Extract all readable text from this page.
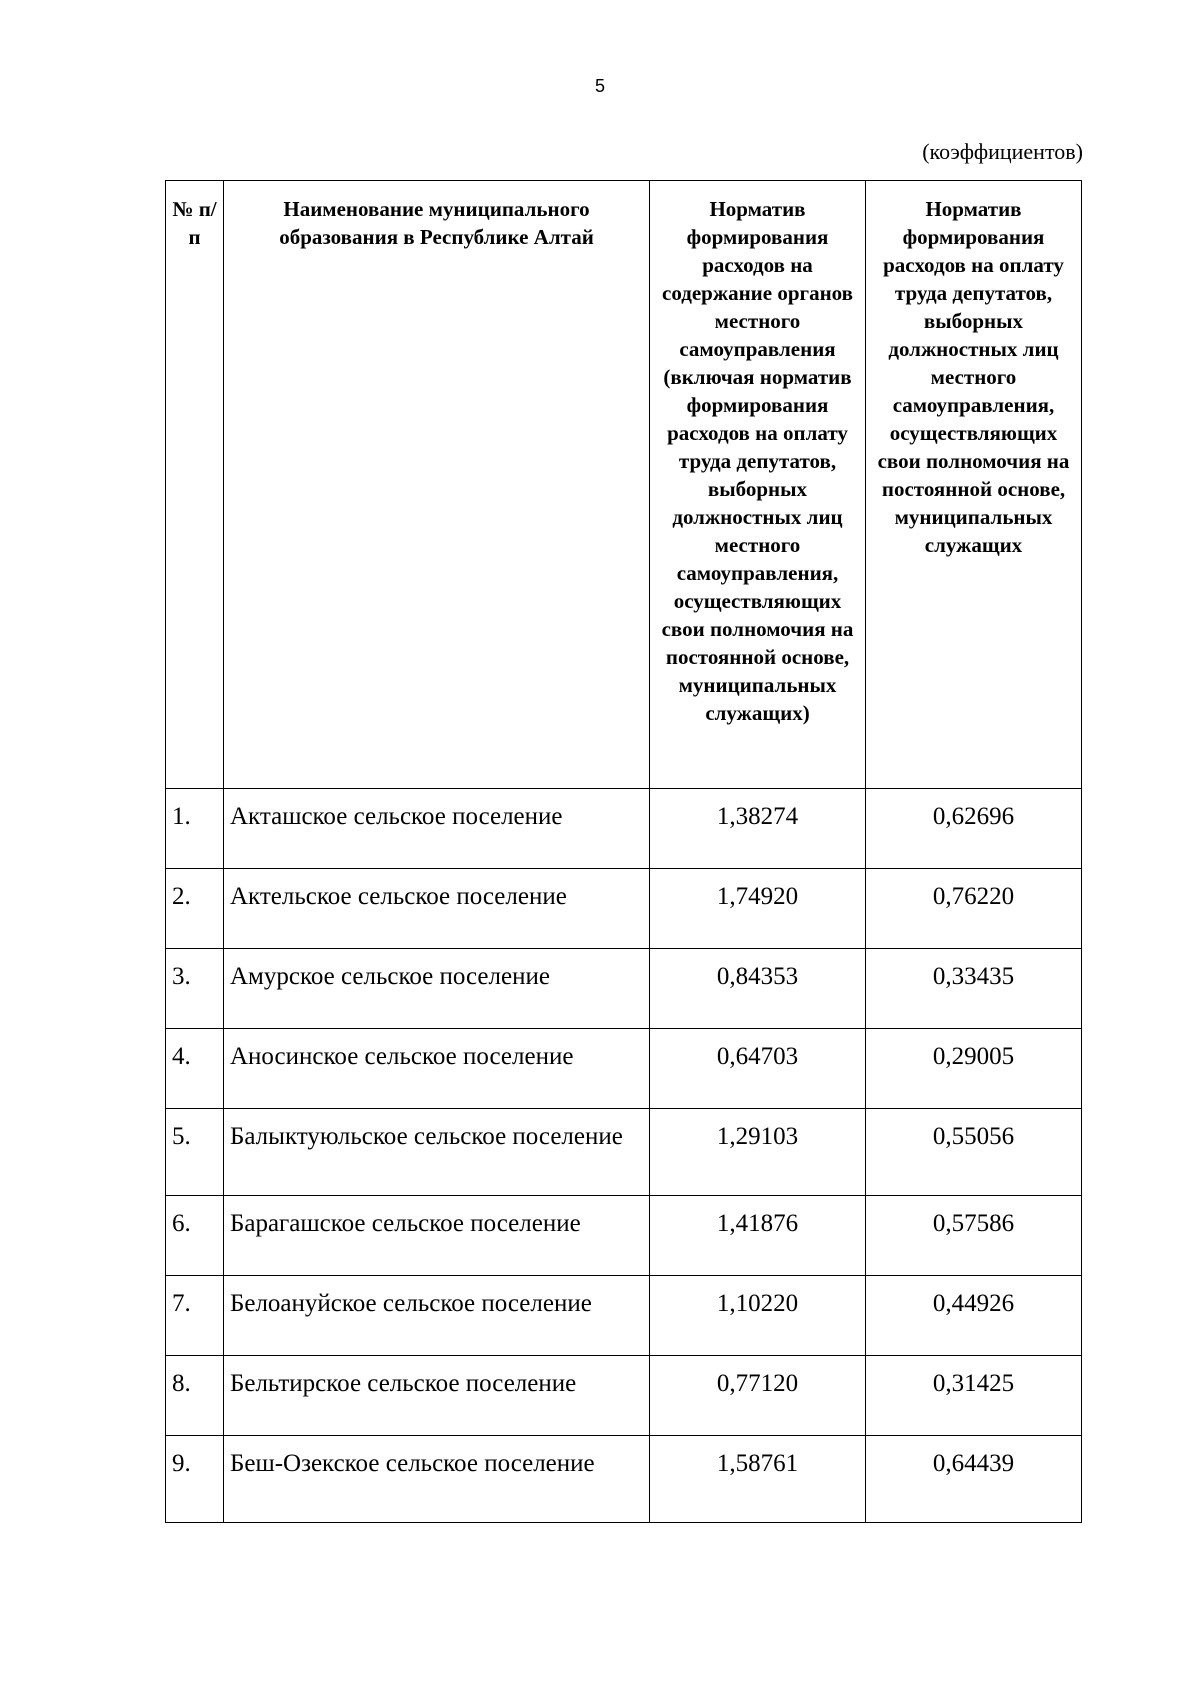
5
(коэффициентов)
№ п/п	Наименование муниципального образования в Республике Алтай	Норматив формирования расходов на содержание органов местного самоуправления (включая норматив формирования расходов на оплату труда депутатов, выборных должностных лиц местного самоуправления, осуществляющих свои полномочия на постоянной основе, муниципальных служащих)	Норматив формирования расходов на оплату труда депутатов, выборных должностных лиц местного самоуправления, осуществляющих свои полномочия на постоянной основе, муниципальных служащих
1.	Акташское сельское поселение	1,38274	0,62696
2.	Актельское сельское поселение	1,74920	0,76220
3.	Амурское сельское поселение	0,84353	0,33435
4.	Аносинское сельское поселение	0,64703	0,29005
5.	Балыктуюльское сельское поселение	1,29103	0,55056
6.	Барагашское сельское поселение	1,41876	0,57586
7.	Белоануйское сельское поселение	1,10220	0,44926
8.	Бельтирское сельское поселение	0,77120	0,31425
9.	Беш-Озекское сельское поселение	1,58761	0,64439
